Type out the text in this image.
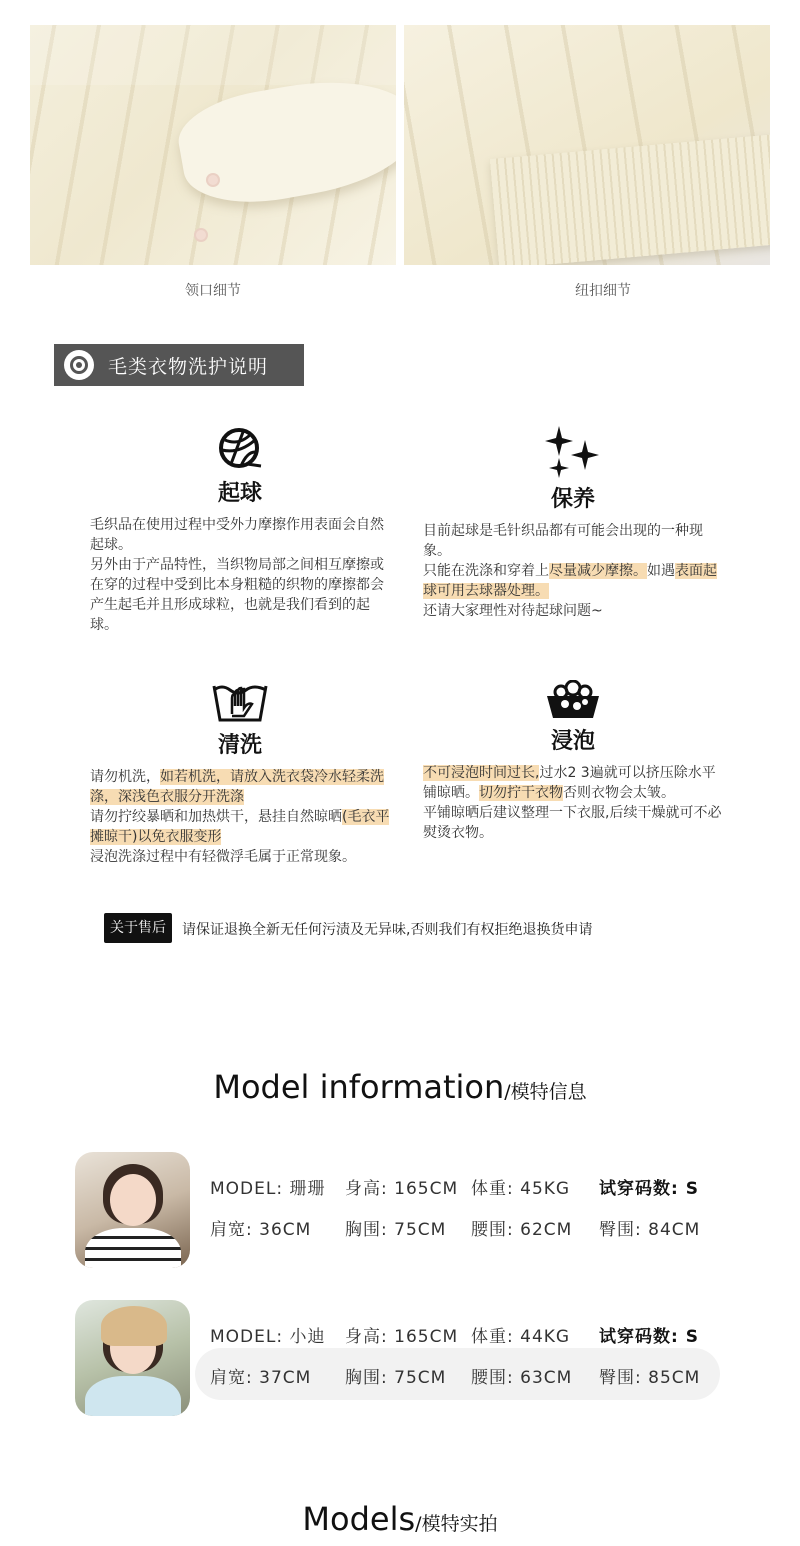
领口细节	纽扣细节
毛类衣物洗护说明
起球
毛织品在使用过程中受外力摩擦作用表面会自然起球。
另外由于产品特性，当织物局部之间相互摩擦或在穿的过程中受到比本身粗糙的织物的摩擦都会产生起毛并且形成球粒，也就是我们看到的起球。
保养
目前起球是毛针织品都有可能会出现的一种现象。
只能在洗涤和穿着上尽量减少摩擦。如遇表面起球可用去球器处理。
还请大家理性对待起球问题~
清洗
请勿机洗，如若机洗，请放入洗衣袋冷水轻柔洗涤，深浅色衣服分开洗涤
请勿拧绞暴晒和加热烘干，悬挂自然晾晒(毛衣平摊晾干)以免衣服变形
浸泡洗涤过程中有轻微浮毛属于正常现象。
浸泡
不可浸泡时间过长,过水2 3遍就可以挤压除水平铺晾晒。切勿拧干衣物否则衣物会太皱。
平铺晾晒后建议整理一下衣服,后续干燥就可不必熨烫衣物。
关于售后	请保证退换全新无任何污渍及无异味,否则我们有权拒绝退换货申请
Model information/模特信息
MODEL: 珊珊 身高: 165CM 体重: 45KG 试穿码数: S
肩宽: 36CM 胸围: 75CM 腰围: 62CM 臀围: 84CM
MODEL: 小迪 身高: 165CM 体重: 44KG 试穿码数: S
肩宽: 37CM 胸围: 75CM 腰围: 63CM 臀围: 85CM
Models/模特实拍
